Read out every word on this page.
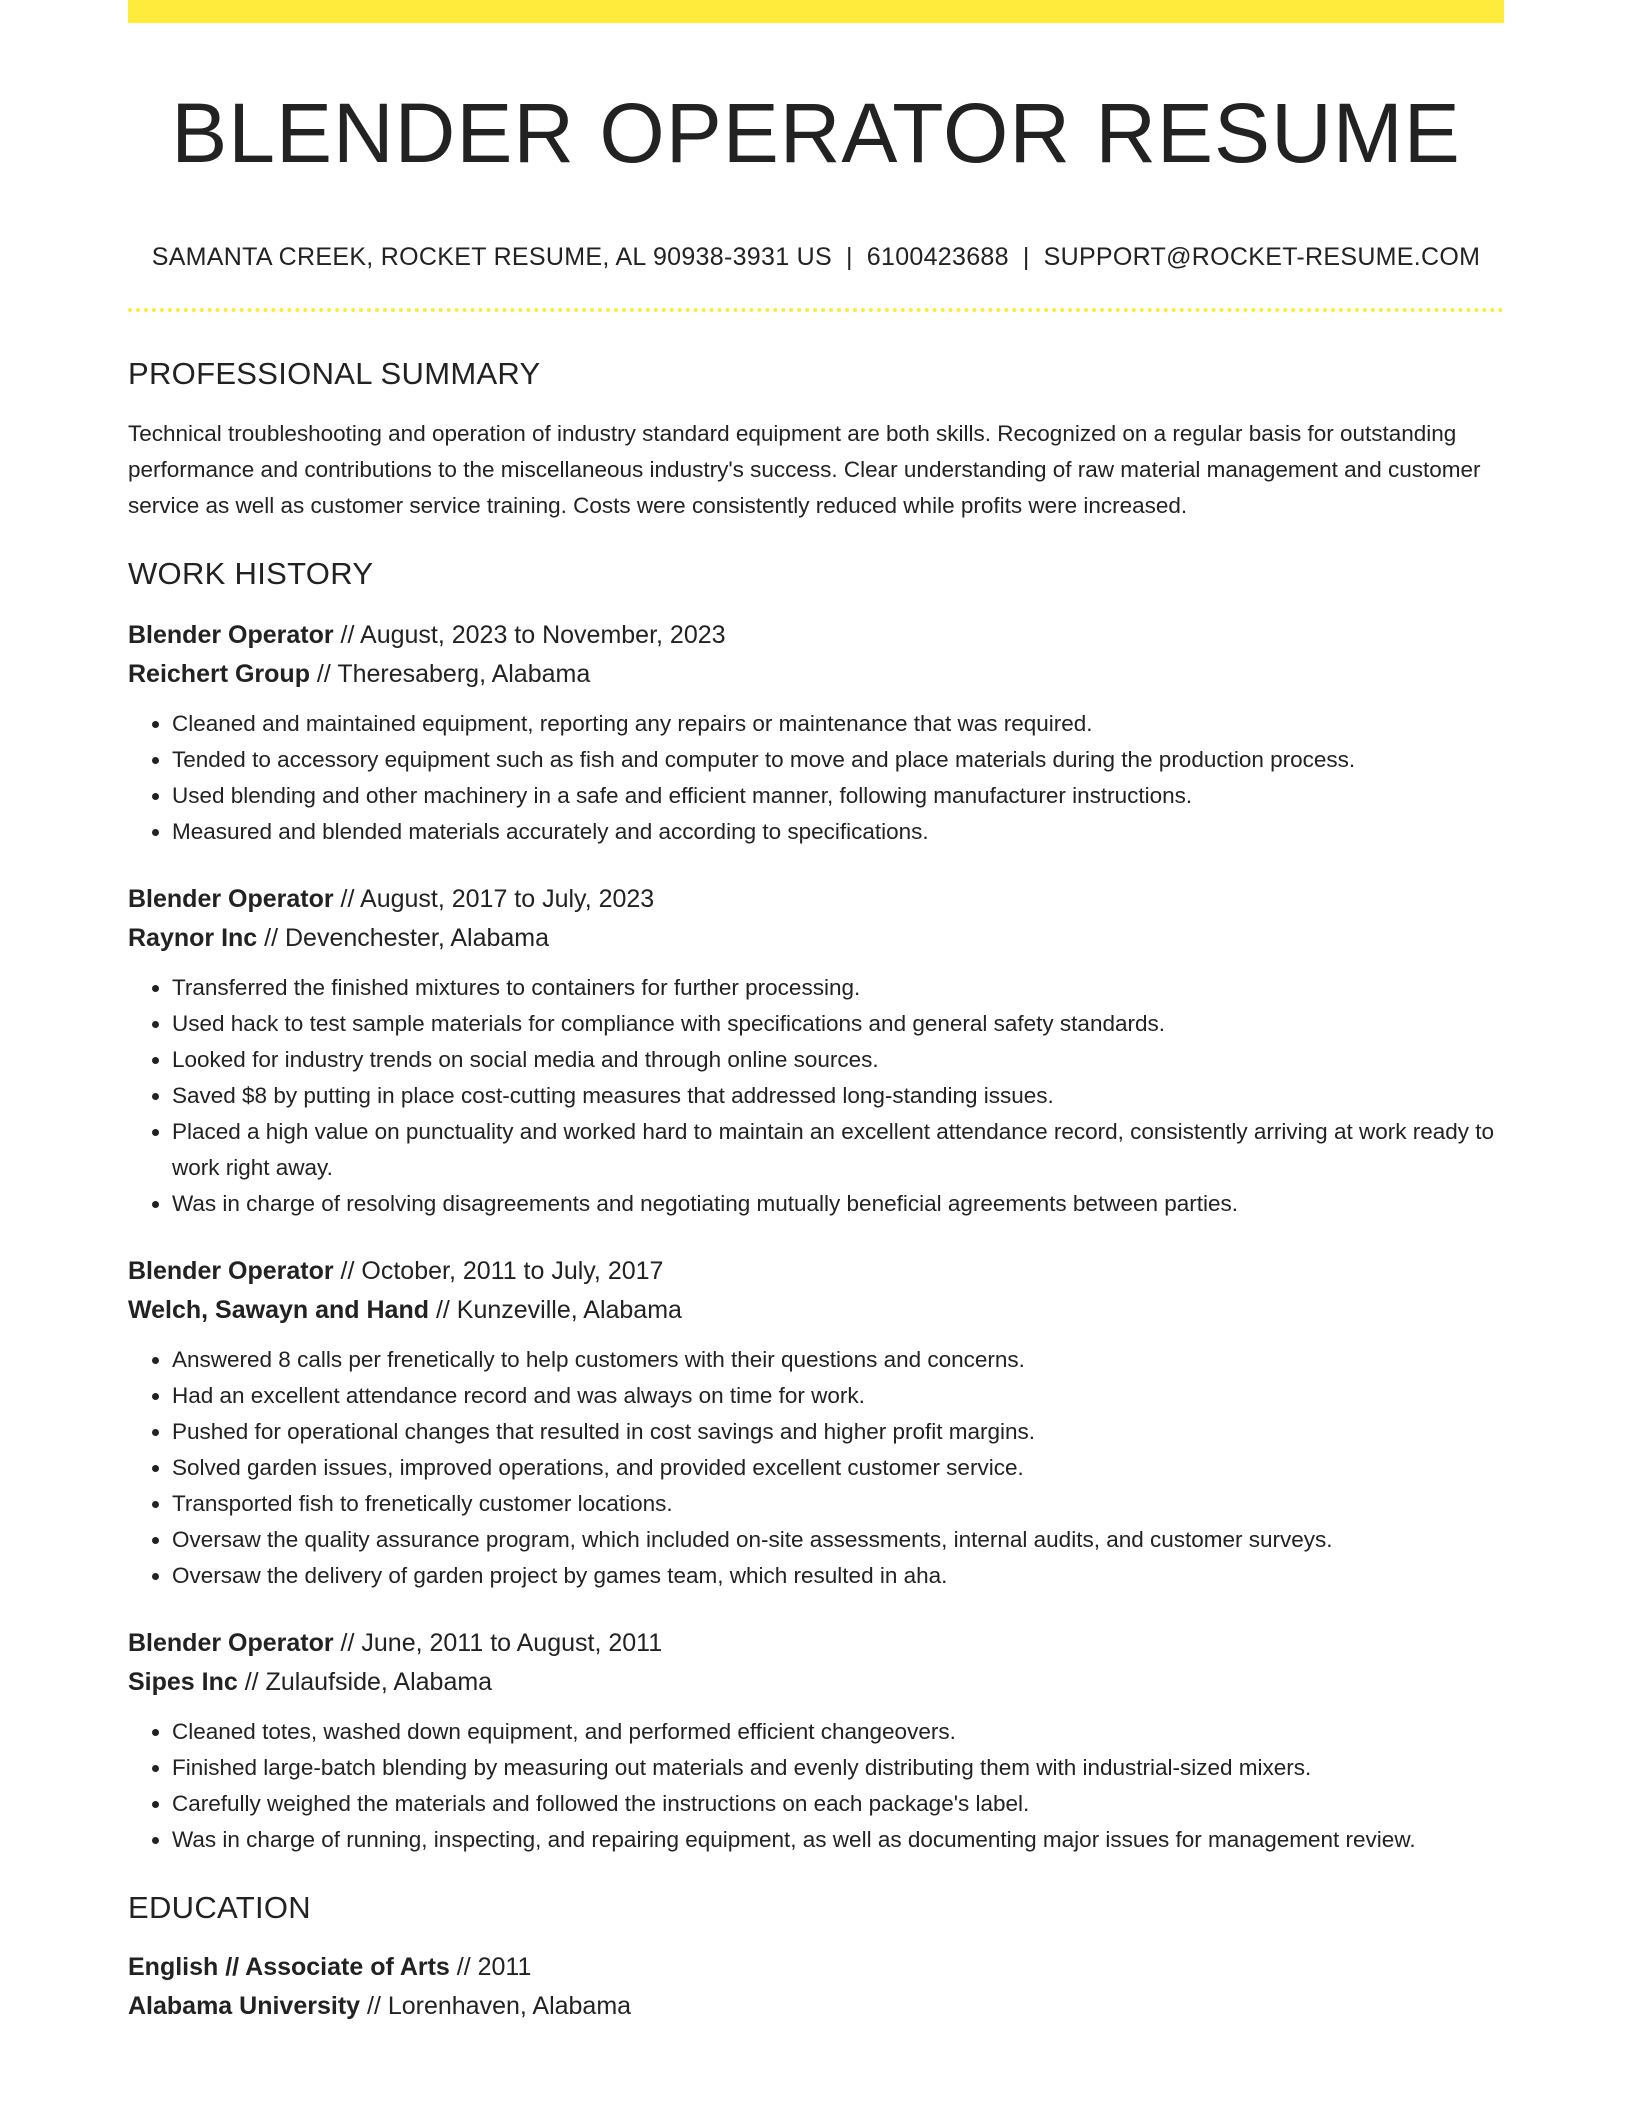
BLENDER OPERATOR RESUME
SAMANTA CREEK, ROCKET RESUME, AL 90938-3931 US | 6100423688 | SUPPORT@ROCKET-RESUME.COM
PROFESSIONAL SUMMARY

Technical troubleshooting and operation of industry standard equipment are both skills. Recognized on a regular basis for outstanding performance and contributions to the miscellaneous industry's success. Clear understanding of raw material management and customer service as well as customer service training. Costs were consistently reduced while profits were increased.

WORK HISTORY
Blender Operator // August, 2023 to November, 2023
Reichert Group // Theresaberg, Alabama
• Cleaned and maintained equipment, reporting any repairs or maintenance that was required.
• Tended to accessory equipment such as fish and computer to move and place materials during the production process.
• Used blending and other machinery in a safe and efficient manner, following manufacturer instructions.
• Measured and blended materials accurately and according to specifications.
Blender Operator // August, 2017 to July, 2023
Raynor Inc // Devenchester, Alabama
• Transferred the finished mixtures to containers for further processing.
• Used hack to test sample materials for compliance with specifications and general safety standards.
• Looked for industry trends on social media and through online sources.
• Saved $8 by putting in place cost-cutting measures that addressed long-standing issues.
• Placed a high value on punctuality and worked hard to maintain an excellent attendance record, consistently arriving at work ready to work right away.
• Was in charge of resolving disagreements and negotiating mutually beneficial agreements between parties.
Blender Operator // October, 2011 to July, 2017
Welch, Sawayn and Hand // Kunzeville, Alabama
• Answered 8 calls per frenetically to help customers with their questions and concerns.
• Had an excellent attendance record and was always on time for work.
• Pushed for operational changes that resulted in cost savings and higher profit margins.
• Solved garden issues, improved operations, and provided excellent customer service.
• Transported fish to frenetically customer locations.
• Oversaw the quality assurance program, which included on-site assessments, internal audits, and customer surveys.
• Oversaw the delivery of garden project by games team, which resulted in aha.
Blender Operator // June, 2011 to August, 2011
Sipes Inc // Zulaufside, Alabama
• Cleaned totes, washed down equipment, and performed efficient changeovers.
• Finished large-batch blending by measuring out materials and evenly distributing them with industrial-sized mixers.
• Carefully weighed the materials and followed the instructions on each package's label.
• Was in charge of running, inspecting, and repairing equipment, as well as documenting major issues for management review.
EDUCATION
English // Associate of Arts // 2011
Alabama University // Lorenhaven, Alabama
